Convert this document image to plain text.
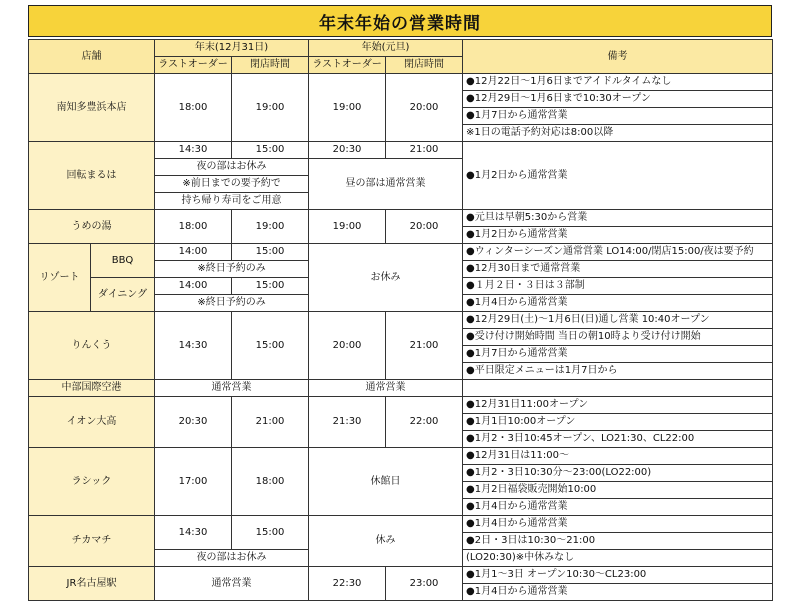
年末年始の営業時間
店舗		年末(12月31日)		年始(元旦)		備考
		ラストオーダー	閉店時間	ラストオーダー	閉店時間	
南知多豊浜本店		18:00	19:00	19:00	20:00	●12月22日〜1月6日までアイドルタイムなし
						●12月29日〜1月6日まで10:30オープン
						●1月7日から通常営業
						※1日の電話予約対応は8:00以降
回転まるは		14:30	15:00	20:30	21:00	●1月2日から通常営業
		夜の部はお休み		昼の部は通常営業		
		※前日までの要予約で				
		持ち帰り寿司をご用意				
うめの湯		18:00	19:00	19:00	20:00	●元旦は早朝5:30から営業
						●1月2日から通常営業
リゾート	BBQ	14:00	15:00	お休み		●ウィンターシーズン通常営業 LO14:00/閉店15:00/夜は要予約
		※終日予約のみ				●12月30日まで通常営業
	ダイニング	14:00	15:00			●１月２日・３日は３部制
		※終日予約のみ				●1月4日から通常営業
りんくう		14:30	15:00	20:00	21:00	●12月29日(土)〜1月6日(日)通し営業 10:40オープン
						●受け付け開始時間 当日の朝10時より受け付け開始
						●1月7日から通常営業
						●平日限定メニューは1月7日から
中部国際空港		通常営業		通常営業		
イオン大高		20:30	21:00	21:30	22:00	●12月31日11:00オープン
						●1月1日10:00オープン
						●1月2・3日10:45オープン、LO21:30、CL22:00
ラシック		17:00	18:00	休館日		●12月31日は11:00〜
						●1月2・3日10:30分〜23:00(LO22:00)
						●1月2日福袋販売開始10:00
						●1月4日から通常営業
チカマチ		14:30	15:00	休み		●1月4日から通常営業
						●2日・3日は10:30〜21:00
		夜の部はお休み				(LO20:30)※中休みなし
JR名古屋駅		通常営業		22:30	23:00	●1月1〜3日 オープン10:30〜CL23:00
						●1月4日から通常営業
